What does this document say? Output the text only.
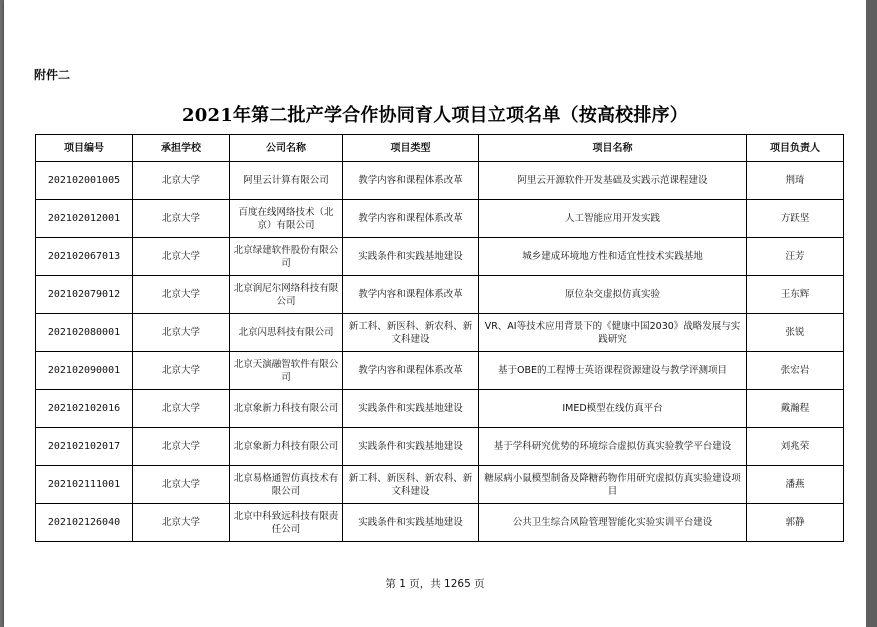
附件二
2021年第二批产学合作协同育人项目立项名单（按高校排序）
项目编号	承担学校	公司名称	项目类型	项目名称	项目负责人
202102001005	北京大学	阿里云计算有限公司	教学内容和课程体系改革	阿里云开源软件开发基础及实践示范课程建设	荆琦
202102012001	北京大学	百度在线网络技术（北京）有限公司	教学内容和课程体系改革	人工智能应用开发实践	方跃坚
202102067013	北京大学	北京绿建软件股份有限公司	实践条件和实践基地建设	城乡建成环境地方性和适宜性技术实践基地	汪芳
202102079012	北京大学	北京润尼尔网络科技有限公司	教学内容和课程体系改革	原位杂交虚拟仿真实验	王东辉
202102080001	北京大学	北京闪思科技有限公司	新工科、新医科、新农科、新文科建设	VR、AI等技术应用背景下的《健康中国2030》战略发展与实践研究	张锐
202102090001	北京大学	北京天演融智软件有限公司	教学内容和课程体系改革	基于OBE的工程博士英语课程资源建设与教学评测项目	张宏岩
202102102016	北京大学	北京象新力科技有限公司	实践条件和实践基地建设	IMED模型在线仿真平台	戴瀚程
202102102017	北京大学	北京象新力科技有限公司	实践条件和实践基地建设	基于学科研究优势的环境综合虚拟仿真实验教学平台建设	刘兆荣
202102111001	北京大学	北京易格通智仿真技术有限公司	新工科、新医科、新农科、新文科建设	糖尿病小鼠模型制备及降糖药物作用研究虚拟仿真实验建设项目	潘燕
202102126040	北京大学	北京中科致远科技有限责任公司	实践条件和实践基地建设	公共卫生综合风险管理智能化实验实训平台建设	郭静
第 1 页，共 1265 页
